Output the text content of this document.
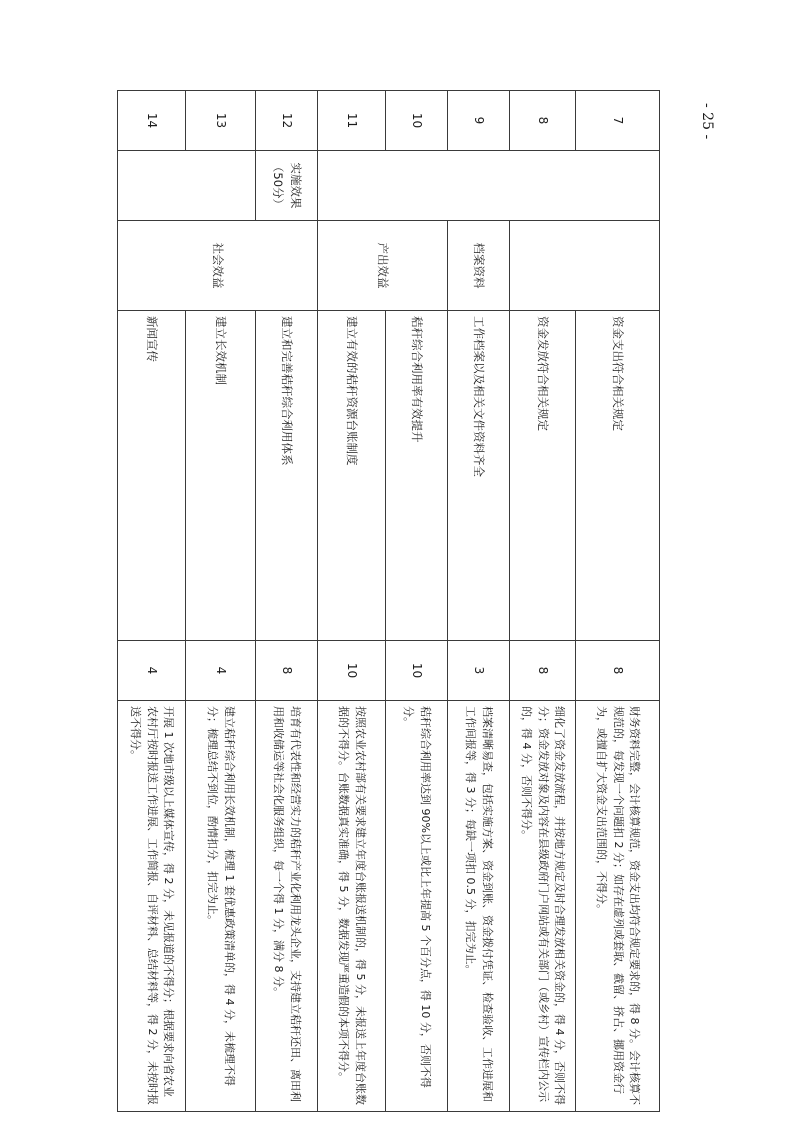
- 25 -
7			资金支出符合相关规定	8	财务资料完整，会计核算规范，资金支出均符合规定要求的，得 8 分。会计核算不规范的，每发现一个问题扣 2 分；如存在虚列或套取、截留、挤占、挪用资金行为，或擅自扩大资金支出范围的，不得分。
8			资金发放符合相关规定	8	细化了资金发放流程，并按地方规定及时合理发放相关资金的，得 4 分，否则不得分；资金发放对象及内容在县级政府门户网站或有关部门（或乡村）宣传栏内公示的，得 4 分，否则不得分。
9		档案资料	工作档案以及相关文件资料齐全	3	档案清晰易查，包括实施方案、资金到账、资金拨付凭证、检查验收、工作进展和工作间报等，得 3 分；每缺一项扣 0.5 分，扣完为止。
10		产出效益	秸秆综合利用率有效提升	10	秸秆综合利用率达到 90%以上或比上年提高 5 个百分点，得 10 分，否则不得分。
11			建立有效的秸秆资源台账制度	10	按照农业农村部有关要求建立年度台账报送机制的，得 5 分，未报送上年度台账数据的不得分。台账数据真实准确，得 5 分，数据发现严重造假的本项不得分。
12	实施效果（50分）	社会效益	建立和完善秸秆综合利用体系	8	培育有代表性和经营实力的秸秆产业化利用龙头企业，支持建立秸秆还田、离田利用和收储运等社会化服务组织，每一个得 1 分，满分 8 分。
13			建立长效机制	4	建立秸秆综合利用长效机制，梳理 1 套优惠政策清单的，得 4 分，未梳理不得分；梳理总结不到位，酌情扣分，扣完为止。
14			新闻宣传	4	开展 1 次地市级以上媒体宣传，得 2 分，未见报道的不得分；根据要求向省农业农村厅按时报送工作进展、工作简报、自评材料、总结材料等，得 2 分，未按时报送不得分。
